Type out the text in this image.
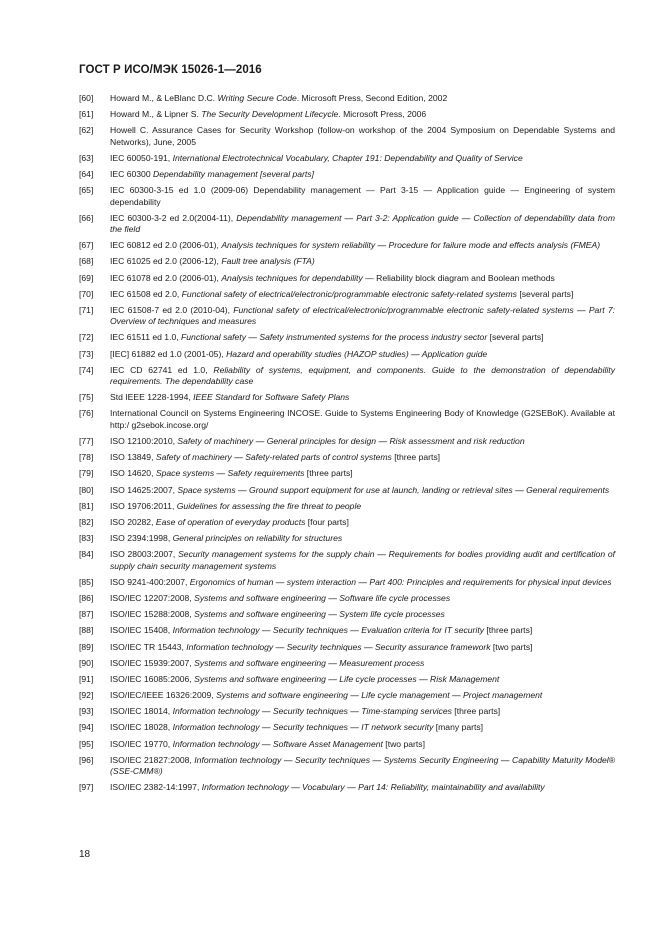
ГОСТ Р ИСО/МЭК 15026-1—2016
[60]	Howard M., & LeBlanc D.C. Writing Secure Code. Microsoft Press, Second Edition, 2002
[61]	Howard M., & Lipner S. The Security Development Lifecycle. Microsoft Press, 2006
[62]	Howell C. Assurance Cases for Security Workshop (follow-on workshop of the 2004 Symposium on Dependable Systems and Networks), June, 2005
[63]	IEC 60050-191, International Electrotechnical Vocabulary, Chapter 191: Dependability and Quality of Service
[64]	IEC 60300 Dependability management [several parts]
[65]	IEC 60300-3-15 ed 1.0 (2009-06) Dependability management — Part 3-15 — Application guide — Engineering of system dependability
[66]	IEC 60300-3-2 ed 2.0(2004-11), Dependability management — Part 3-2: Application guide — Collection of dependability data from the field
[67]	IEC 60812 ed 2.0 (2006-01), Analysis techniques for system reliability — Procedure for failure mode and effects analysis (FMEA)
[68]	IEC 61025 ed 2.0 (2006-12), Fault tree analysis (FTA)
[69]	IEC 61078 ed 2.0 (2006-01), Analysis techniques for dependability — Reliability block diagram and Boolean methods
[70]	IEC 61508 ed 2.0, Functional safety of electrical/electronic/programmable electronic safety-related systems [several parts]
[71]	IEC 61508-7 ed 2.0 (2010-04), Functional safety of electrical/electronic/programmable electronic safety-related systems — Part 7: Overview of techniques and measures
[72]	IEC 61511 ed 1.0, Functional safety — Safety instrumented systems for the process industry sector [several parts]
[73]	[IEC] 61882 ed 1.0 (2001-05), Hazard and operability studies (HAZOP studies) — Application guide
[74]	IEC CD 62741 ed 1.0, Reliability of systems, equipment, and components. Guide to the demonstration of dependability requirements. The dependability case
[75]	Std IEEE 1228-1994, IEEE Standard for Software Safety Plans
[76]	International Council on Systems Engineering INCOSE. Guide to Systems Engineering Body of Knowledge (G2SEBoK). Available at http:/ g2sebok.incose.org/
[77]	ISO 12100:2010, Safety of machinery — General principles for design — Risk assessment and risk reduction
[78]	ISO 13849, Safety of machinery — Safety-related parts of control systems [three parts]
[79]	ISO 14620, Space systems — Safety requirements [three parts]
[80]	ISO 14625:2007, Space systems — Ground support equipment for use at launch, landing or retrieval sites — General requirements
[81]	ISO 19706:2011, Guidelines for assessing the fire threat to people
[82]	ISO 20282, Ease of operation of everyday products [four parts]
[83]	ISO 2394:1998, General principles on reliability for structures
[84]	ISO 28003:2007, Security management systems for the supply chain — Requirements for bodies providing audit and certification of supply chain security management systems
[85]	ISO 9241-400:2007, Ergonomics of human — system interaction — Part 400: Principles and requirements for physical input devices
[86]	ISO/IEC 12207:2008, Systems and software engineering — Software life cycle processes
[87]	ISO/IEC 15288:2008, Systems and software engineering — System life cycle processes
[88]	ISO/IEC 15408, Information technology — Security techniques — Evaluation criteria for IT security [three parts]
[89]	ISO/IEC TR 15443, Information technology — Security techniques — Security assurance framework [two parts]
[90]	ISO/IEC 15939:2007, Systems and software engineering — Measurement process
[91]	ISO/IEC 16085:2006, Systems and software engineering — Life cycle processes — Risk Management
[92]	ISO/IEC/IEEE 16326:2009, Systems and software engineering — Life cycle management — Project management
[93]	ISO/IEC 18014, Information technology — Security techniques — Time-stamping services [three parts]
[94]	ISO/IEC 18028, Information technology — Security techniques — IT network security [many parts]
[95]	ISO/IEC 19770, Information technology — Software Asset Management [two parts]
[96]	ISO/IEC 21827:2008, Information technology — Security techniques — Systems Security Engineering — Capability Maturity Model® (SSE-CMM®)
[97]	ISO/IEC 2382-14:1997, Information technology — Vocabulary — Part 14: Reliability, maintainability and availability
18
